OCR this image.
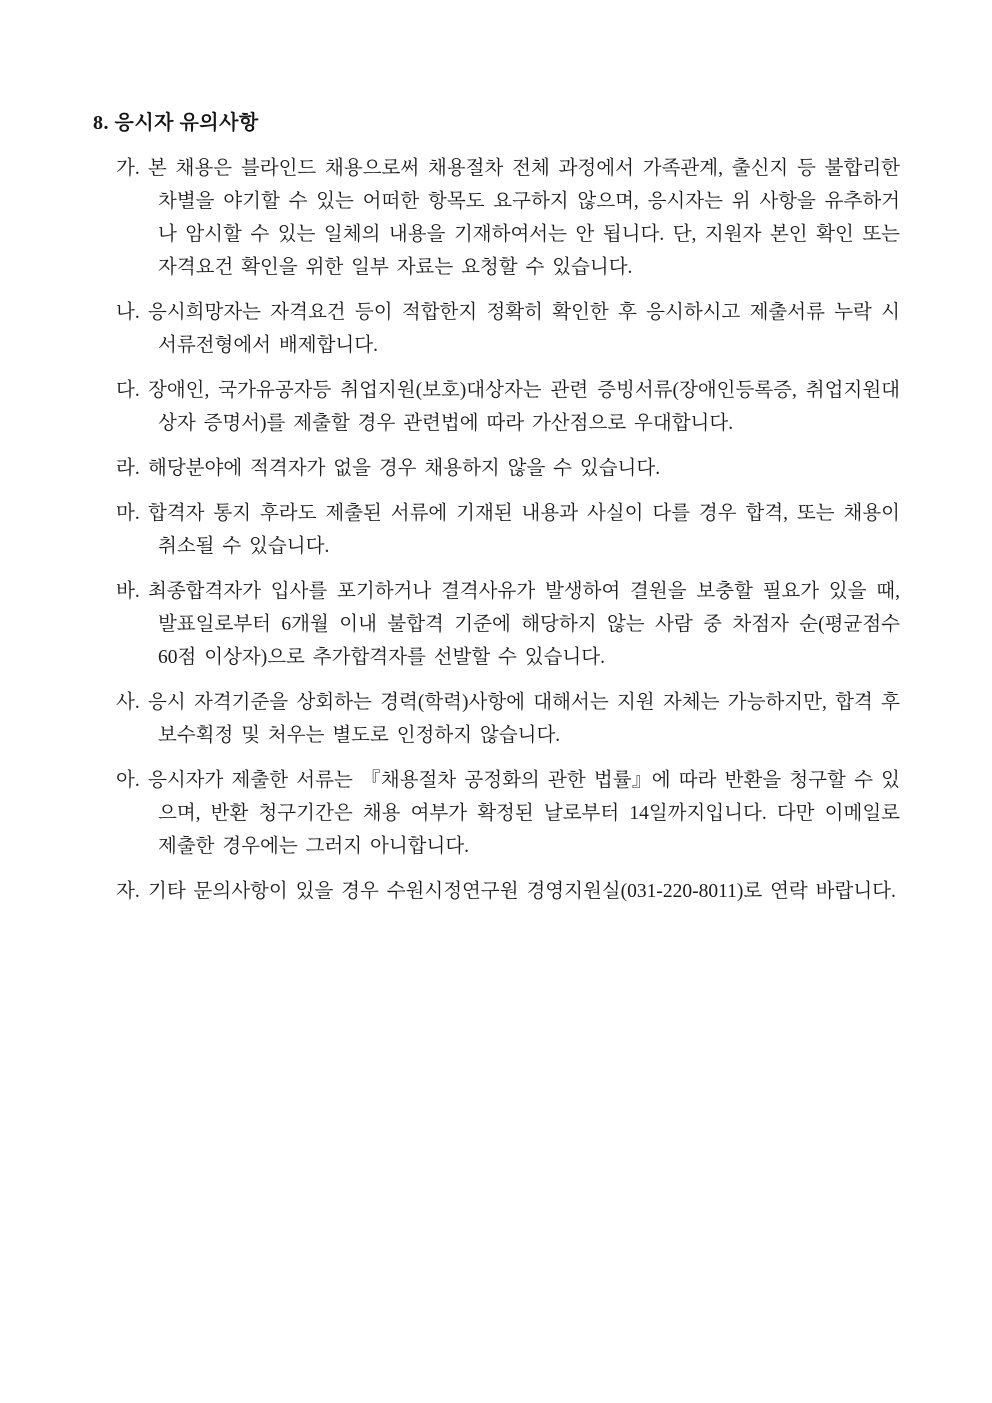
8. 응시자 유의사항
가. 본 채용은 블라인드 채용으로써 채용절차 전체 과정에서 가족관계, 출신지 등 불합리한 차별을 야기할 수 있는 어떠한 항목도 요구하지 않으며, 응시자는 위 사항을 유추하거나 암시할 수 있는 일체의 내용을 기재하여서는 안 됩니다. 단, 지원자 본인 확인 또는 자격요건 확인을 위한 일부 자료는 요청할 수 있습니다.

나. 응시희망자는 자격요건 등이 적합한지 정확히 확인한 후 응시하시고 제출서류 누락 시 서류전형에서 배제합니다.

다. 장애인, 국가유공자등 취업지원(보호)대상자는 관련 증빙서류(장애인등록증, 취업지원대상자 증명서)를 제출할 경우 관련법에 따라 가산점으로 우대합니다.

라. 해당분야에 적격자가 없을 경우 채용하지 않을 수 있습니다.

마. 합격자 통지 후라도 제출된 서류에 기재된 내용과 사실이 다를 경우 합격, 또는 채용이 취소될 수 있습니다.

바. 최종합격자가 입사를 포기하거나 결격사유가 발생하여 결원을 보충할 필요가 있을 때, 발표일로부터 6개월 이내 불합격 기준에 해당하지 않는 사람 중 차점자 순(평균점수 60점 이상자)으로 추가합격자를 선발할 수 있습니다.

사. 응시 자격기준을 상회하는 경력(학력)사항에 대해서는 지원 자체는 가능하지만, 합격 후 보수획정 및 처우는 별도로 인정하지 않습니다.

아. 응시자가 제출한 서류는 『채용절차 공정화의 관한 법률』에 따라 반환을 청구할 수 있으며, 반환 청구기간은 채용 여부가 확정된 날로부터 14일까지입니다. 다만 이메일로 제출한 경우에는 그러지 아니합니다.

자. 기타 문의사항이 있을 경우 수원시정연구원 경영지원실(031-220-8011)로 연락 바랍니다.
